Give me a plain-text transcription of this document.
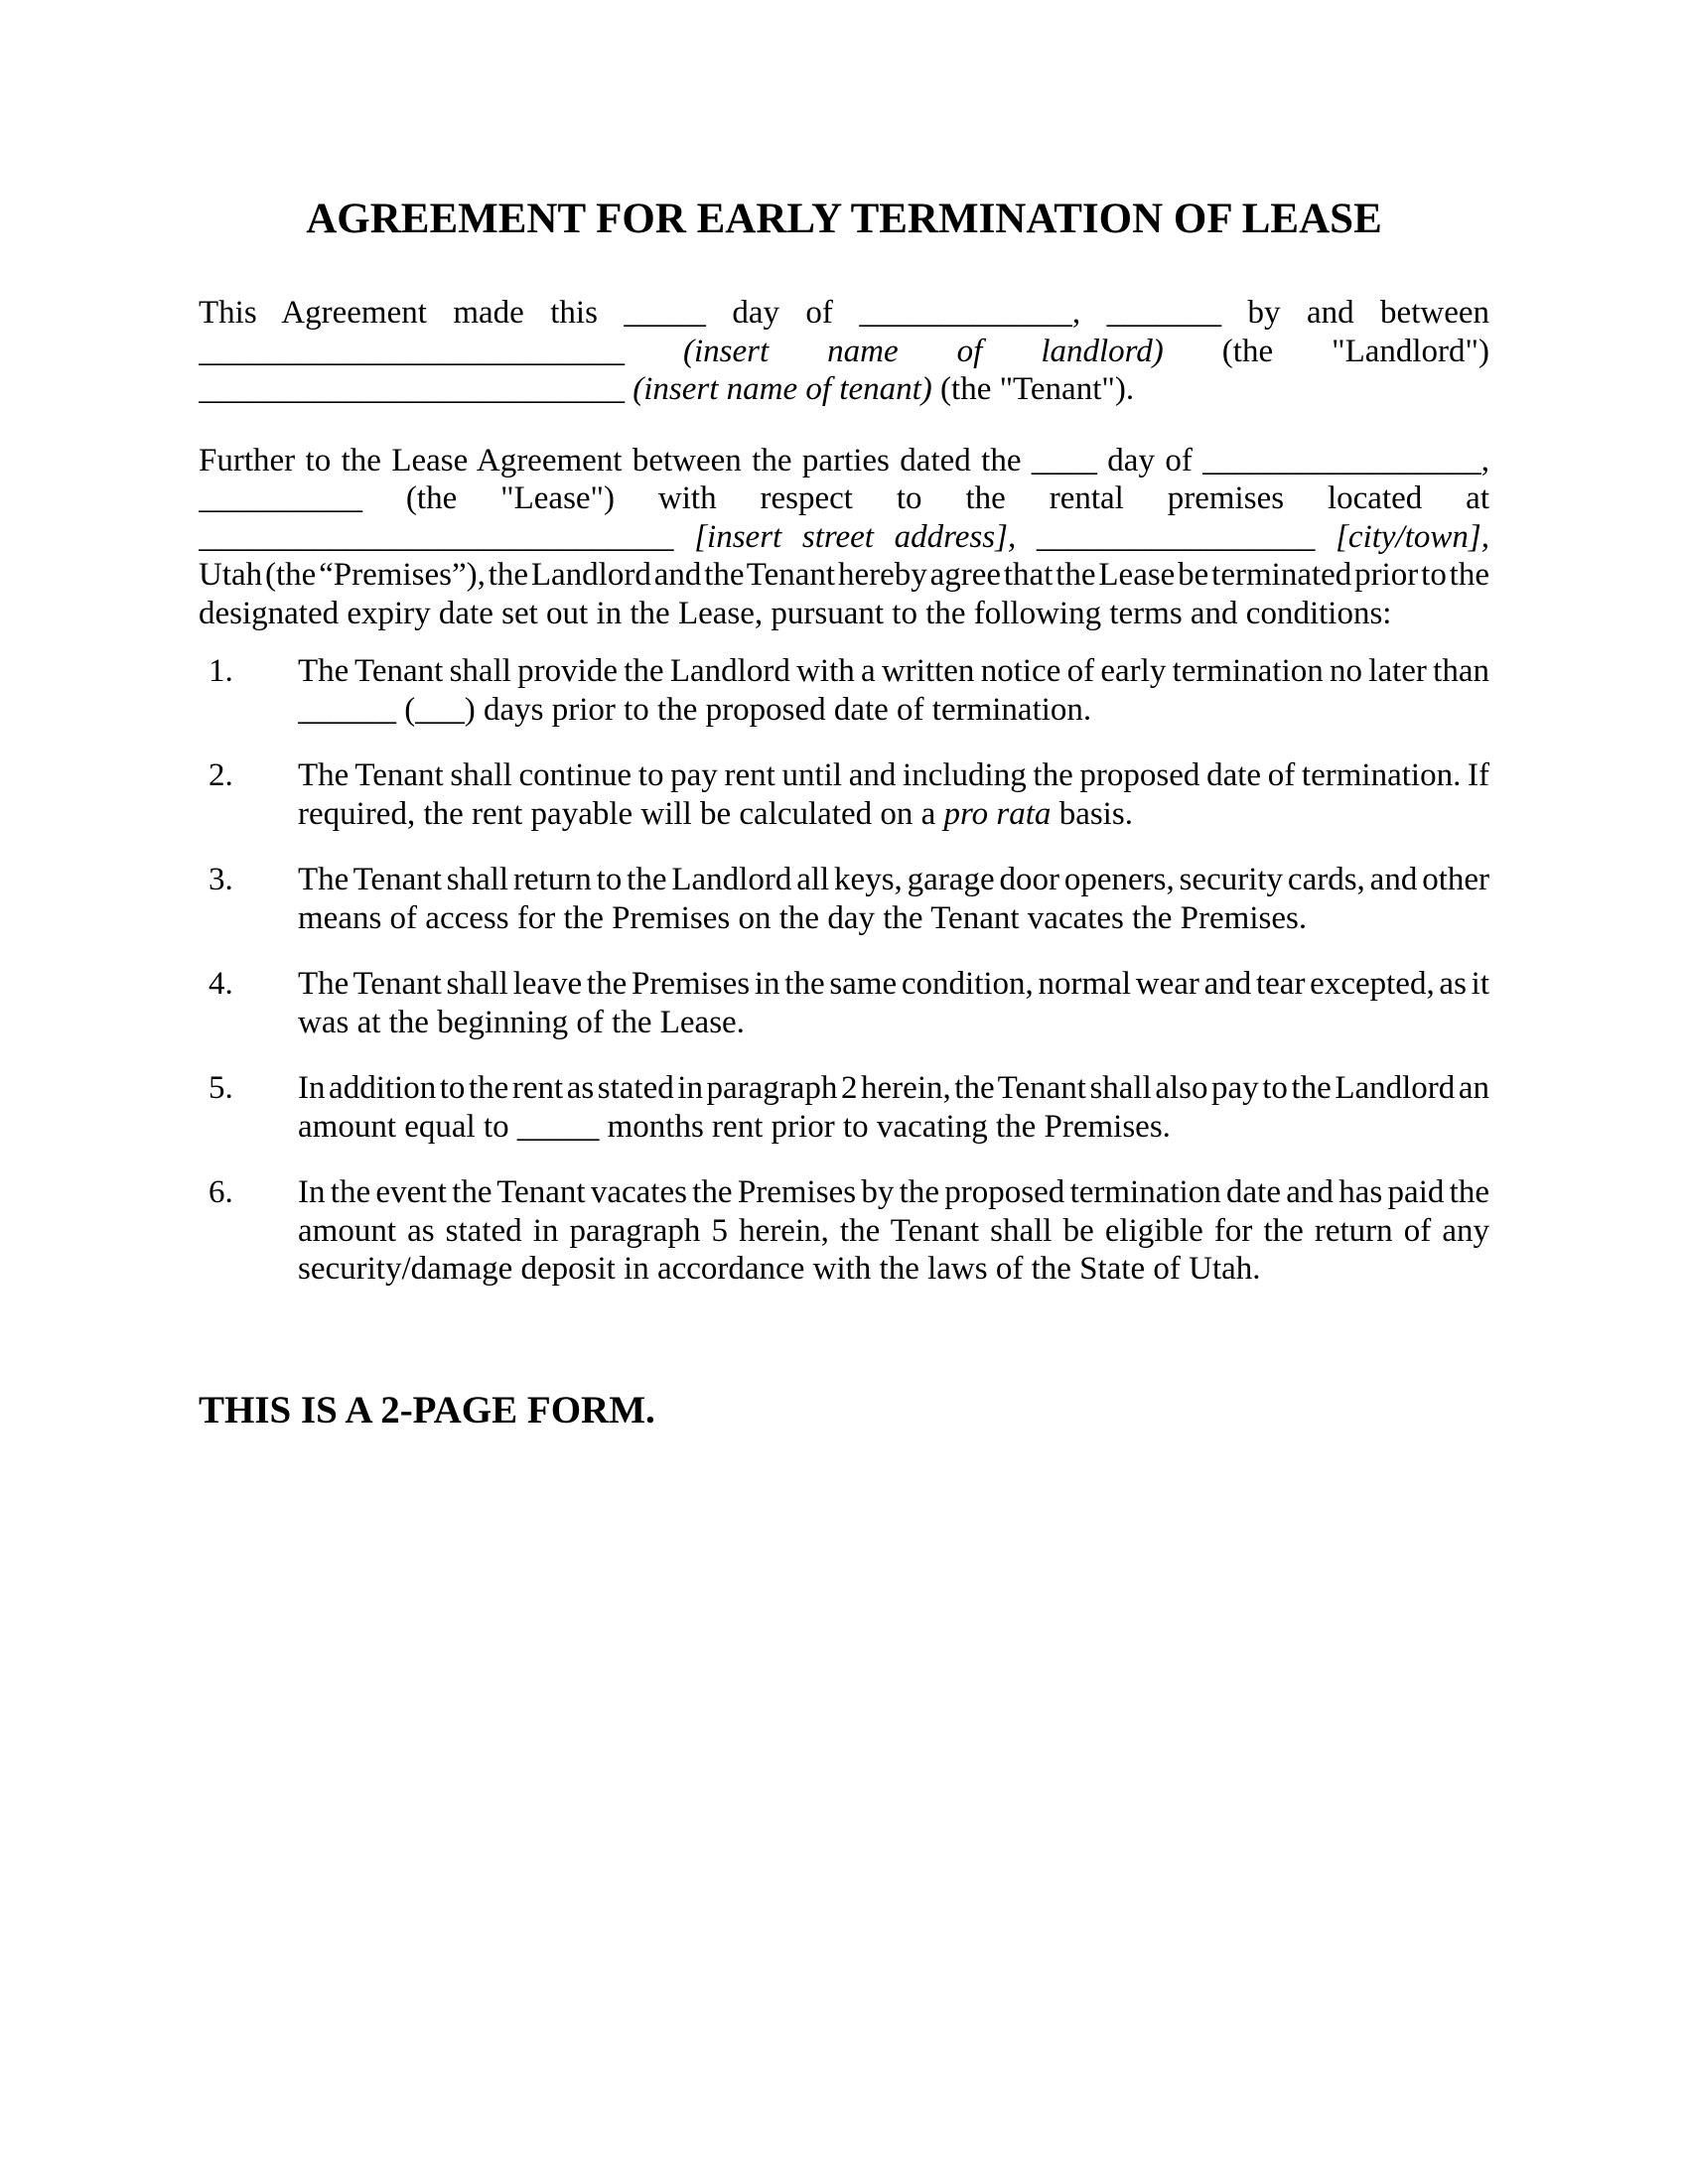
AGREEMENT FOR EARLY TERMINATION OF LEASE
This Agreement made this _____ day of _____________, _______ by and between
__________________________ (insert name of landlord) (the "Landlord")
__________________________ (insert name of tenant) (the "Tenant").
Further to the Lease Agreement between the parties dated the ____ day of _________________,
__________ (the "Lease") with respect to the rental premises located at
_____________________________ [insert street address], _________________ [city/town],
Utah (the “Premises”), the Landlord and the Tenant hereby agree that the Lease be terminated prior to the
designated expiry date set out in the Lease, pursuant to the following terms and conditions:
1.	The Tenant shall provide the Landlord with a written notice of early termination no later than
______ (___) days prior to the proposed date of termination.
2.	The Tenant shall continue to pay rent until and including the proposed date of termination. If
required, the rent payable will be calculated on a pro rata basis.
3.	The Tenant shall return to the Landlord all keys, garage door openers, security cards, and other
means of access for the Premises on the day the Tenant vacates the Premises.
4.	The Tenant shall leave the Premises in the same condition, normal wear and tear excepted, as it
was at the beginning of the Lease.
5.	In addition to the rent as stated in paragraph 2 herein, the Tenant shall also pay to the Landlord an
amount equal to _____ months rent prior to vacating the Premises.
6.	In the event the Tenant vacates the Premises by the proposed termination date and has paid the
amount as stated in paragraph 5 herein, the Tenant shall be eligible for the return of any
security/damage deposit in accordance with the laws of the State of Utah.
THIS IS A 2-PAGE FORM.
